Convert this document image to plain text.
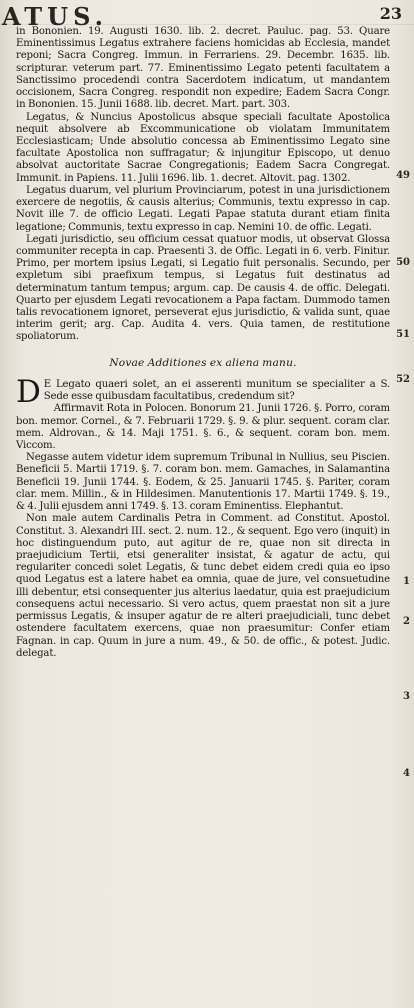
ATUS.	23

in Bononien. 19. Augusti 1630. lib. 2. decret. Pauluc. pag. 53. Quare Eminentissimus Legatus extrahere faciens homicidas ab Ecclesia, mandet reponi; Sacra Congreg. Immun. in Ferrariens. 29. Decembr. 1635. lib. scripturar. veterum part. 77. Eminentissimo Legato petenti facultatem a Sanctissimo procedendi contra Sacerdotem indicatum, ut mandantem occisionem, Sacra Congreg. respondit non expedire; Eadem Sacra Congr. in Bononien. 15. Junii 1688. lib. decret. Mart. part. 303.

Legatus, & Nuncius Apostolicus absque speciali facultate Apostolica nequit absolvere ab Excommunicatione ob violatam Immunitatem Ecclesiasticam; Unde absolutio concessa ab Eminentissimo Legato sine facultate Apostolica non suffragatur; & injungitur Episcopo, ut denuo absolvat auctoritate Sacrae Congregationis; Eadem Sacra Congregat. Immunit. in Papiens. 11. Julii 1696. lib. 1. decret. Altovit. pag. 1302.

Legatus duarum, vel plurium Provinciarum, potest in una jurisdictionem exercere de negotiis, & causis alterius; Communis, textu expresso in cap. Novit ille 7. de officio Legati. Legati Papae statuta durant etiam finita legatione; Communis, textu expresso in cap. Nemini 10. de offic. Legati.

Legati jurisdictio, seu officium cessat quatuor modis, ut observat Glossa communiter recepta in cap. Praesenti 3. de Offic. Legati in 6. verb. Finitur. Primo, per mortem ipsius Legati, si Legatio fuit personalis. Secundo, per expletum sibi praefixum tempus, si Legatus fuit destinatus ad determinatum tantum tempus; argum. cap. De causis 4. de offic. Delegati. Quarto per ejusdem Legati revocationem a Papa factam. Dummodo tamen talis revocationem ignoret, perseverat ejus jurisdictio, & valida sunt, quae interim gerit; arg. Cap. Audita 4. vers. Quia tamen, de restitutione spoliatorum.

Novae Additiones ex aliena manu.

D E Legato quaeri solet, an ei asserenti munitum se specialiter a S. Sede esse quibusdam facultatibus, credendum sit?

Affirmavit Rota in Polocen. Bonorum 21. Junii 1726. §. Porro, coram bon. memor. Cornel., & 7. Februarii 1729. §. 9. & plur. sequent. coram clar. mem. Aldrovan., & 14. Maji 1751. §. 6., & sequent. coram bon. mem. Viccom.

Negasse autem videtur idem supremum Tribunal in Nullius, seu Piscien. Beneficii 5. Martii 1719. §. 7. coram bon. mem. Gamaches, in Salamantina Beneficii 19. Junii 1744. §. Eodem, & 25. Januarii 1745. §. Pariter, coram clar. mem. Millin., & in Hildesimen. Manutentionis 17. Martii 1749. §. 19., & 4. Julii ejusdem anni 1749. §. 13. coram Eminentiss. Elephantut.

Non male autem Cardinalis Petra in Comment. ad Constitut. Apostol. Constitut. 3. Alexandri III. sect. 2. num. 12., & sequent. Ego vero (inquit) in hoc distinguendum puto, aut agitur de re, quae non sit directa in praejudicium Tertii, etsi generaliter insistat, & agatur de actu, qui regulariter concedi solet Legatis, & tunc debet eidem credi quia eo ipso quod Legatus est a latere habet ea omnia, quae de jure, vel consuetudine illi debentur, etsi consequenter jus alterius laedatur, quia est praejudicium consequens actui necessario. Si vero actus, quem praestat non sit a jure permissus Legatis, & insuper agatur de re alteri praejudiciali, tunc debet ostendere facultatem exercens, quae non praesumitur: Confer etiam Fagnan. in cap. Quum in jure a num. 49., & 50. de offic., & potest. Judic. delegat.

49
50
51
52
1
2
3
4
